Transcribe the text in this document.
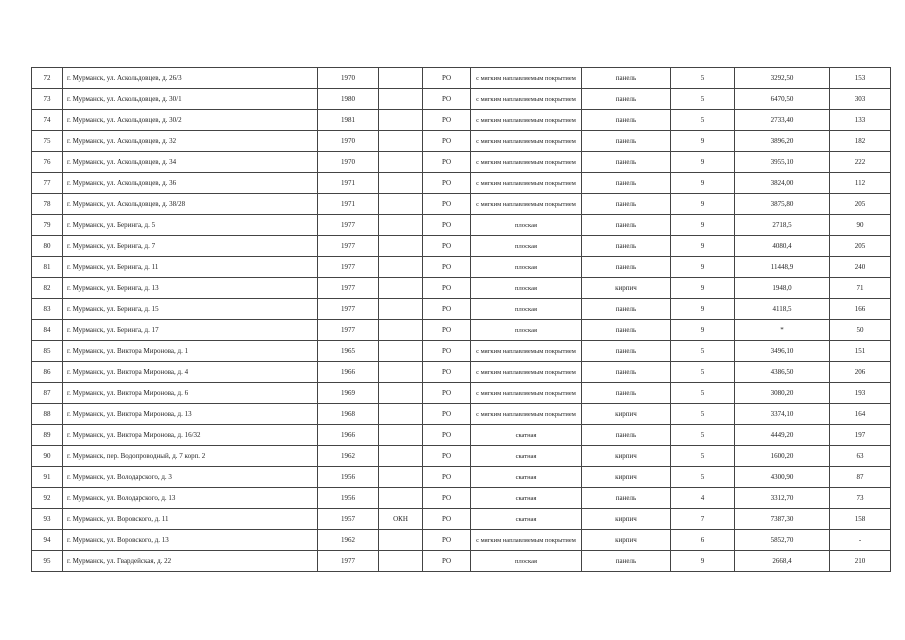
72	г. Мурманск, ул. Аскольдовцев, д. 26/3	1970		РО	с мягким наплавляемым покрытием	панель	5	3292,50	153
73	г. Мурманск, ул. Аскольдовцев, д. 30/1	1980		РО	с мягким наплавляемым покрытием	панель	5	6470,50	303
74	г. Мурманск, ул. Аскольдовцев, д. 30/2	1981		РО	с мягким наплавляемым покрытием	панель	5	2733,40	133
75	г. Мурманск, ул. Аскольдовцев, д. 32	1970		РО	с мягким наплавляемым покрытием	панель	9	3896,20	182
76	г. Мурманск, ул. Аскольдовцев, д. 34	1970		РО	с мягким наплавляемым покрытием	панель	9	3955,10	222
77	г. Мурманск, ул. Аскольдовцев, д. 36	1971		РО	с мягким наплавляемым покрытием	панель	9	3824,00	112
78	г. Мурманск, ул. Аскольдовцев, д. 38/28	1971		РО	с мягким наплавляемым покрытием	панель	9	3875,80	205
79	г. Мурманск, ул. Беринга, д. 5	1977		РО	плоская	панель	9	2718,5	90
80	г. Мурманск, ул. Беринга, д. 7	1977		РО	плоская	панель	9	4080,4	205
81	г. Мурманск, ул. Беринга, д. 11	1977		РО	плоская	панель	9	11448,9	240
82	г. Мурманск, ул. Беринга, д. 13	1977		РО	плоская	кирпич	9	1948,0	71
83	г. Мурманск, ул. Беринга, д. 15	1977		РО	плоская	панель	9	4118,5	166
84	г. Мурманск, ул. Беринга, д. 17	1977		РО	плоская	панель	9	*	50
85	г. Мурманск, ул. Виктора Миронова, д. 1	1965		РО	с мягким наплавляемым покрытием	панель	5	3496,10	151
86	г. Мурманск, ул. Виктора Миронова, д. 4	1966		РО	с мягким наплавляемым покрытием	панель	5	4386,50	206
87	г. Мурманск, ул. Виктора Миронова, д. 6	1969		РО	с мягким наплавляемым покрытием	панель	5	3080,20	193
88	г. Мурманск, ул. Виктора Миронова, д. 13	1968		РО	с мягким наплавляемым покрытием	кирпич	5	3374,10	164
89	г. Мурманск, ул. Виктора Миронова, д. 16/32	1966		РО	скатная	панель	5	4449,20	197
90	г. Мурманск, пер. Водопроводный, д. 7 корп. 2	1962		РО	скатная	кирпич	5	1600,20	63
91	г. Мурманск, ул. Володарского, д. 3	1956		РО	скатная	кирпич	5	4300,90	87
92	г. Мурманск, ул. Володарского, д. 13	1956		РО	скатная	панель	4	3312,70	73
93	г. Мурманск, ул. Воровского, д. 11	1957	ОКН	РО	скатная	кирпич	7	7387,30	158
94	г. Мурманск, ул. Воровского, д. 13	1962		РО	с мягким наплавляемым покрытием	кирпич	6	5852,70	-
95	г. Мурманск, ул. Гвардейская, д. 22	1977		РО	плоская	панель	9	2668,4	210
